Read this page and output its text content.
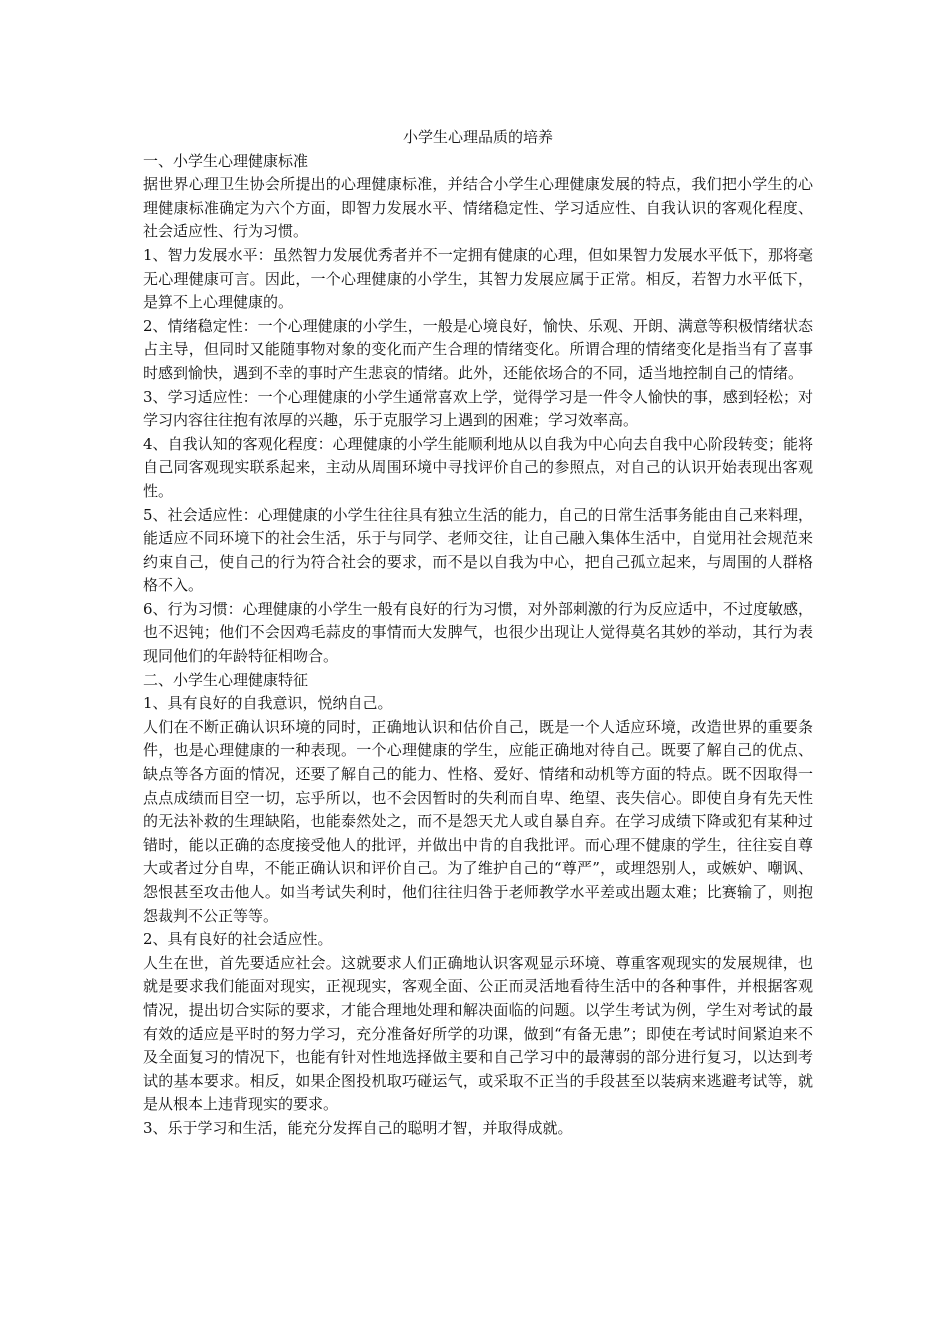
小学生心理品质的培养

一、小学生心理健康标准

据世界心理卫生协会所提出的心理健康标准，并结合小学生心理健康发展的特点，我们把小学生的心理健康标准确定为六个方面，即智力发展水平、情绪稳定性、学习适应性、自我认识的客观化程度、社会适应性、行为习惯。

1、智力发展水平：虽然智力发展优秀者并不一定拥有健康的心理，但如果智力发展水平低下，那将毫无心理健康可言。因此，一个心理健康的小学生，其智力发展应属于正常。相反，若智力水平低下，是算不上心理健康的。

2、情绪稳定性：一个心理健康的小学生，一般是心境良好，愉快、乐观、开朗、满意等积极情绪状态占主导，但同时又能随事物对象的变化而产生合理的情绪变化。所谓合理的情绪变化是指当有了喜事时感到愉快，遇到不幸的事时产生悲哀的情绪。此外，还能依场合的不同，适当地控制自己的情绪。

3、学习适应性：一个心理健康的小学生通常喜欢上学，觉得学习是一件令人愉快的事，感到轻松；对学习内容往往抱有浓厚的兴趣，乐于克服学习上遇到的困难；学习效率高。

4、自我认知的客观化程度：心理健康的小学生能顺利地从以自我为中心向去自我中心阶段转变；能将自己同客观现实联系起来，主动从周围环境中寻找评价自己的参照点，对自己的认识开始表现出客观性。

5、社会适应性：心理健康的小学生往往具有独立生活的能力，自己的日常生活事务能由自己来料理，能适应不同环境下的社会生活，乐于与同学、老师交往，让自己融入集体生活中，自觉用社会规范来约束自己，使自己的行为符合社会的要求，而不是以自我为中心，把自己孤立起来，与周围的人群格格不入。

6、行为习惯：心理健康的小学生一般有良好的行为习惯，对外部刺激的行为反应适中，不过度敏感，也不迟钝；他们不会因鸡毛蒜皮的事情而大发脾气，也很少出现让人觉得莫名其妙的举动，其行为表现同他们的年龄特征相吻合。

二、小学生心理健康特征

1、具有良好的自我意识，悦纳自己。

人们在不断正确认识环境的同时，正确地认识和估价自己，既是一个人适应环境，改造世界的重要条件，也是心理健康的一种表现。一个心理健康的学生，应能正确地对待自己。既要了解自己的优点、缺点等各方面的情况，还要了解自己的能力、性格、爱好、情绪和动机等方面的特点。既不因取得一点点成绩而目空一切，忘乎所以，也不会因暂时的失利而自卑、绝望、丧失信心。即使自身有先天性的无法补救的生理缺陷，也能泰然处之，而不是怨天尤人或自暴自弃。在学习成绩下降或犯有某种过错时，能以正确的态度接受他人的批评，并做出中肯的自我批评。而心理不健康的学生，往往妄自尊大或者过分自卑，不能正确认识和评价自己。为了维护自己的“尊严”，或埋怨别人，或嫉妒、嘲讽、怨恨甚至攻击他人。如当考试失利时，他们往往归咎于老师教学水平差或出题太难；比赛输了，则抱怨裁判不公正等等。

2、具有良好的社会适应性。

人生在世，首先要适应社会。这就要求人们正确地认识客观显示环境、尊重客观现实的发展规律，也就是要求我们能面对现实，正视现实，客观全面、公正而灵活地看待生活中的各种事件，并根据客观情况，提出切合实际的要求，才能合理地处理和解决面临的问题。以学生考试为例，学生对考试的最有效的适应是平时的努力学习，充分准备好所学的功课，做到“有备无患”；即使在考试时间紧迫来不及全面复习的情况下，也能有针对性地选择做主要和自己学习中的最薄弱的部分进行复习，以达到考试的基本要求。相反，如果企图投机取巧碰运气，或采取不正当的手段甚至以装病来逃避考试等，就是从根本上违背现实的要求。

3、乐于学习和生活，能充分发挥自己的聪明才智，并取得成就。
